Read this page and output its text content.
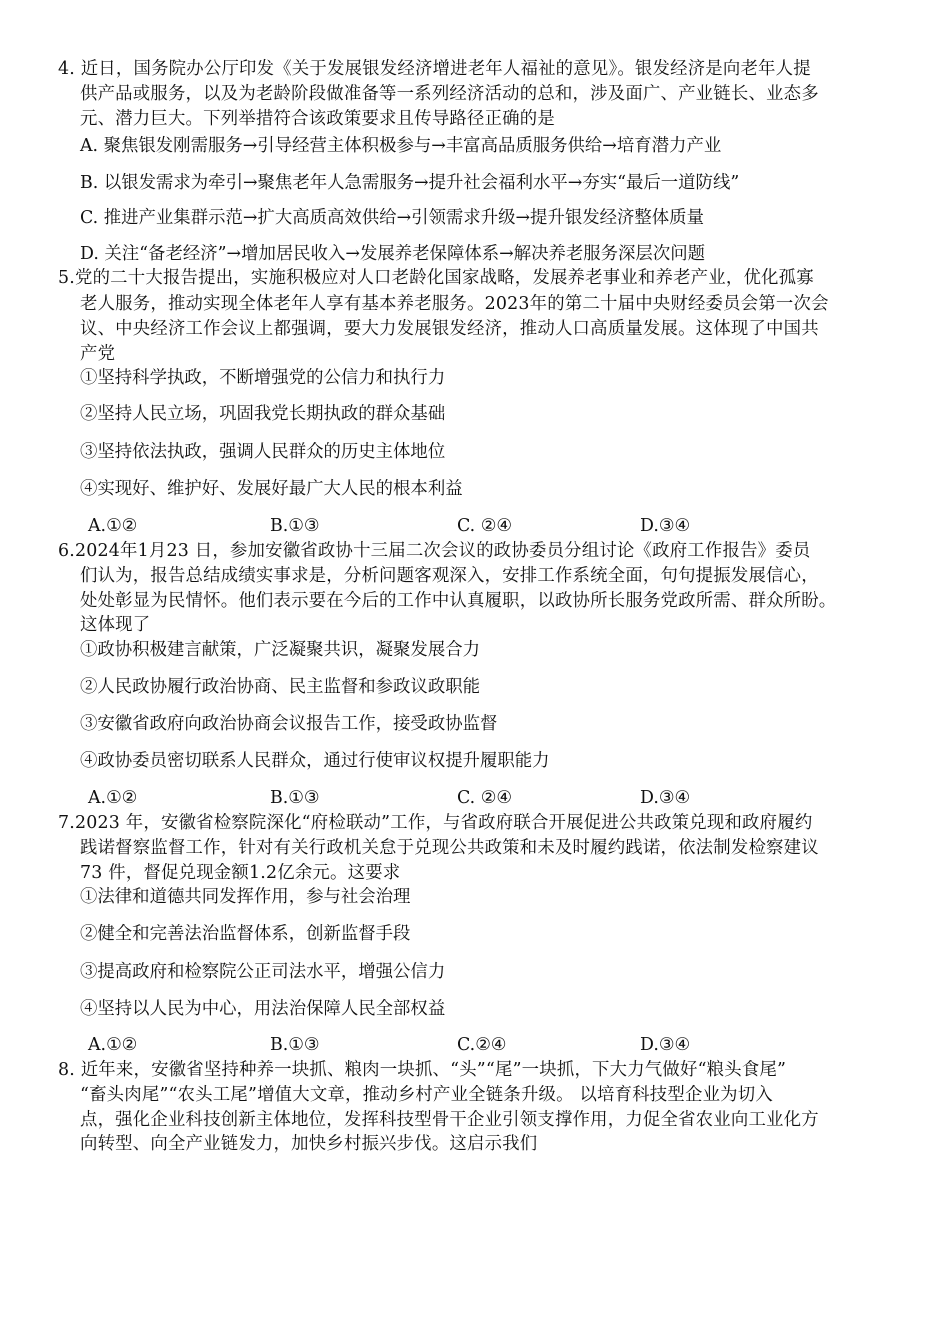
4. 近日，国务院办公厅印发《关于发展银发经济增进老年人福祉的意见》。银发经济是向老年人提
供产品或服务，以及为老龄阶段做准备等一系列经济活动的总和，涉及面广、产业链长、业态多
元、潜力巨大。下列举措符合该政策要求且传导路径正确的是
A. 聚焦银发刚需服务→引导经营主体积极参与→丰富高品质服务供给→培育潜力产业
B. 以银发需求为牵引→聚焦老年人急需服务→提升社会福利水平→夯实“最后一道防线”
C. 推进产业集群示范→扩大高质高效供给→引领需求升级→提升银发经济整体质量
D. 关注“备老经济”→增加居民收入→发展养老保障体系→解决养老服务深层次问题
5.党的二十大报告提出，实施积极应对人口老龄化国家战略，发展养老事业和养老产业，优化孤寡
老人服务，推动实现全体老年人享有基本养老服务。2023年的第二十届中央财经委员会第一次会
议、中央经济工作会议上都强调，要大力发展银发经济，推动人口高质量发展。这体现了中国共
产党
①坚持科学执政，不断增强党的公信力和执行力
②坚持人民立场，巩固我党长期执政的群众基础
③坚持依法执政，强调人民群众的历史主体地位
④实现好、维护好、发展好最广大人民的根本利益
A.①②	B.①③	C. ②④	D.③④
6.2024年1月23 日，参加安徽省政协十三届二次会议的政协委员分组讨论《政府工作报告》委员
们认为，报告总结成绩实事求是，分析问题客观深入，安排工作系统全面，句句提振发展信心，
处处彰显为民情怀。他们表示要在今后的工作中认真履职，以政协所长服务党政所需、群众所盼。
这体现了
①政协积极建言献策，广泛凝聚共识，凝聚发展合力
②人民政协履行政治协商、民主监督和参政议政职能
③安徽省政府向政治协商会议报告工作，接受政协监督
④政协委员密切联系人民群众，通过行使审议权提升履职能力
A.①②	B.①③	C. ②④	D.③④
7.2023 年，安徽省检察院深化“府检联动”工作，与省政府联合开展促进公共政策兑现和政府履约
践诺督察监督工作，针对有关行政机关怠于兑现公共政策和未及时履约践诺，依法制发检察建议
73 件，督促兑现金额1.2亿余元。这要求
①法律和道德共同发挥作用，参与社会治理
②健全和完善法治监督体系，创新监督手段
③提高政府和检察院公正司法水平，增强公信力
④坚持以人民为中心，用法治保障人民全部权益
A.①②	B.①③	C.②④	D.③④
8. 近年来，安徽省坚持种养一块抓、粮肉一块抓、“头”“尾”一块抓，下大力气做好“粮头食尾”
“畜头肉尾”“农头工尾”增值大文章，推动乡村产业全链条升级。 以培育科技型企业为切入
点，强化企业科技创新主体地位，发挥科技型骨干企业引领支撑作用，力促全省农业向工业化方
向转型、向全产业链发力，加快乡村振兴步伐。这启示我们
